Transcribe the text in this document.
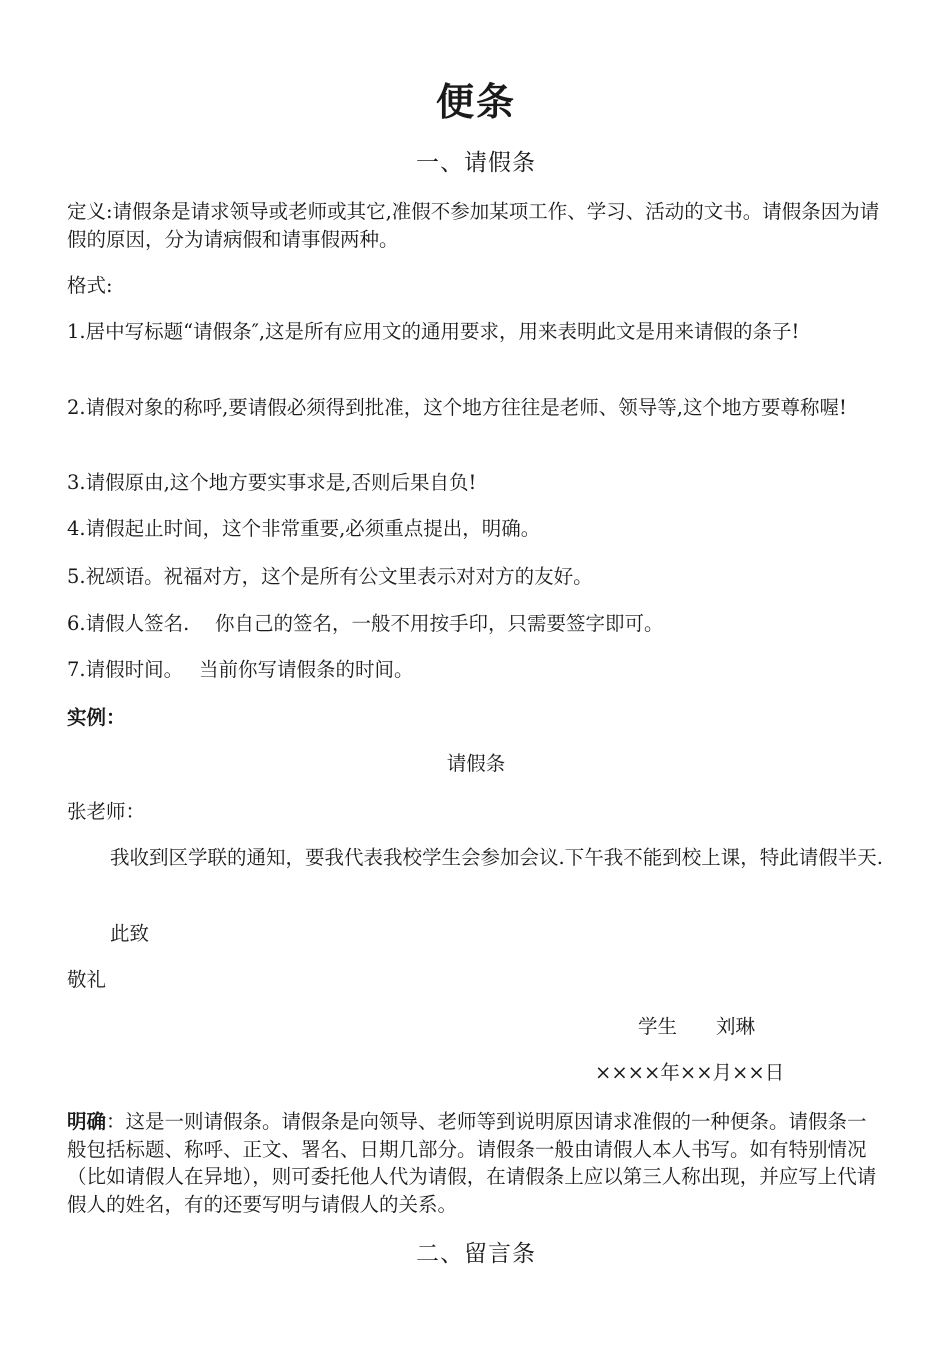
便条
一、请假条

定义:请假条是请求领导或老师或其它,准假不参加某项工作、学习、活动的文书。请假条因为请假的原因，分为请病假和请事假两种。

格式:

1.居中写标题“请假条″,这是所有应用文的通用要求，用来表明此文是用来请假的条子!

2.请假对象的称呼,要请假必须得到批准，这个地方往往是老师、领导等,这个地方要尊称喔!

3.请假原由,这个地方要实事求是,否则后果自负!

4.请假起止时间，这个非常重要,必须重点提出，明确。

5.祝颂语。祝福对方，这个是所有公文里表示对对方的友好。

6.请假人签名.　 你自己的签名，一般不用按手印，只需要签字即可。

7.请假时间。　 当前你写请假条的时间。

实例：

请假条

张老师：

我收到区学联的通知，要我代表我校学生会参加会议.下午我不能到校上课，特此请假半天.

此致

敬礼

学生　　刘琳
××××年××月××日

明确：这是一则请假条。请假条是向领导、老师等到说明原因请求准假的一种便条。请假条一般包括标题、称呼、正文、署名、日期几部分。请假条一般由请假人本人书写。如有特别情况（比如请假人在异地），则可委托他人代为请假，在请假条上应以第三人称出现，并应写上代请假人的姓名，有的还要写明与请假人的关系。

二、留言条
